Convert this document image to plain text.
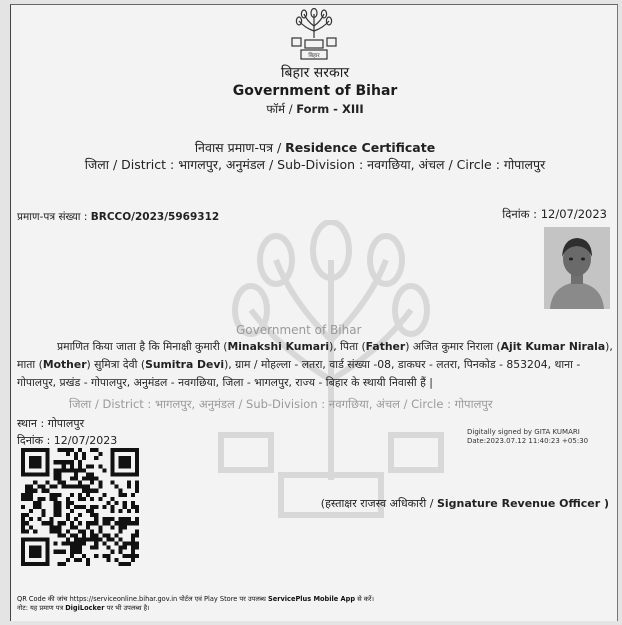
Government of Bihar
जिला / District : भागलपुर, अनुमंडल / Sub-Division : नवगछिया, अंचल / Circle : गोपालपुर
बिहार
बिहार सरकार
Government of Bihar
फॉर्म / Form - XIII
निवास प्रमाण-पत्र / Residence Certificate
जिला / District : भागलपुर, अनुमंडल / Sub-Division : नवगछिया, अंचल / Circle : गोपालपुर
प्रमाण-पत्र संख्या : BRCCO/2023/5969312	दिनांक : 12/07/2023
प्रमाणित किया जाता है कि मिनाक्षी कुमारी (Minakshi Kumari), पिता (Father) अजित कुमार निराला (Ajit Kumar Nirala),
माता (Mother) सुमित्रा देवी (Sumitra Devi), ग्राम / मोहल्ला - लतरा, वार्ड संख्या -08, डाकघर - लतरा, पिनकोड - 853204, थाना -
गोपालपुर, प्रखंड - गोपालपुर, अनुमंडल - नवगछिया, जिला - भागलपुर, राज्य - बिहार के स्थायी निवासी हैं |
स्थान : गोपालपुर
दिनांक : 12/07/2023
Digitally signed by GITA KUMARI
Date:2023.07.12 11:40:23 +05:30
(हस्ताक्षर राजस्व अधिकारी / Signature Revenue Officer )
QR Code की जांच https://serviceonline.bihar.gov.in पोर्टल एवं Play Store पर उपलब्ध ServicePlus Mobile App से करें।
नोट: यह प्रमाण पत्र DigiLocker पर भी उपलब्ध है।
